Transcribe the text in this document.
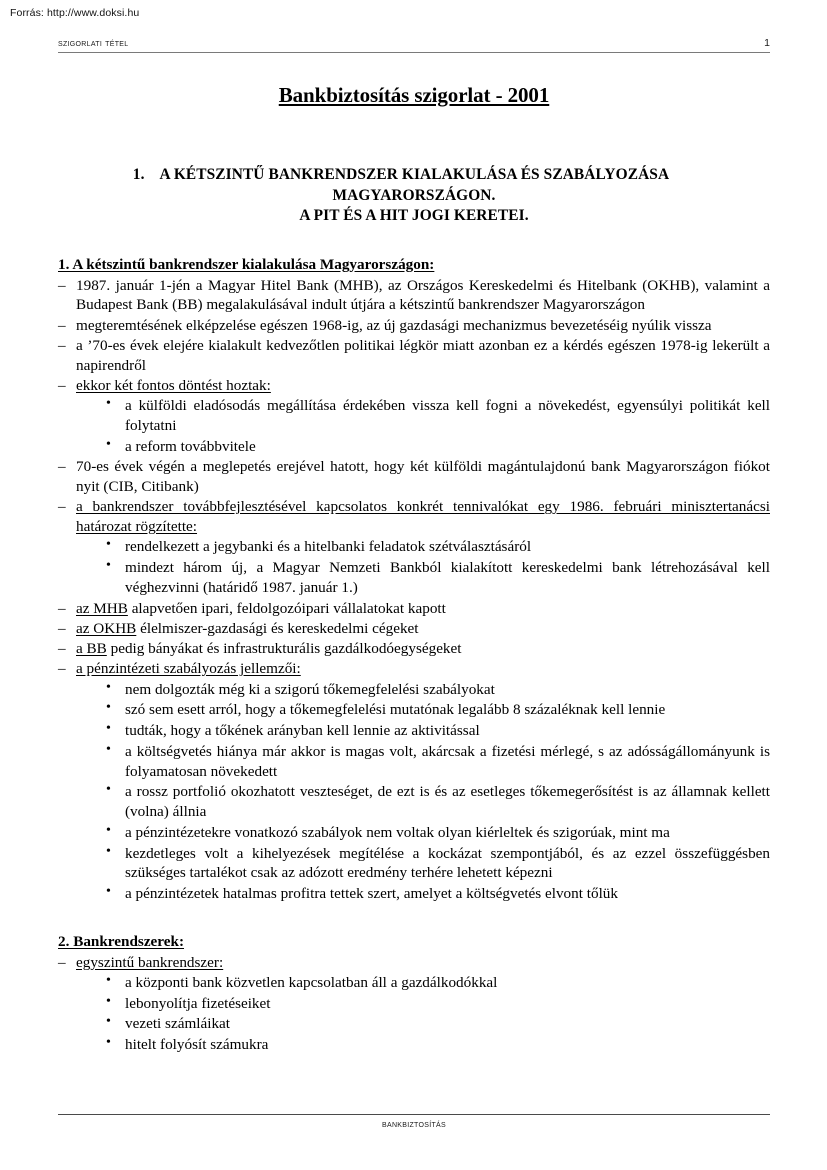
Forrás: http://www.doksi.hu
szigorlati tétel	1
Bankbiztosítás szigorlat - 2001
1. A KÉTSZINTŰ BANKRENDSZER KIALAKULÁSA ÉS SZABÁLYOZÁSA
MAGYARORSZÁGON.
A PIT ÉS A HIT JOGI KERETEI.
1. A kétszintű bankrendszer kialakulása Magyarországon:
– 1987. január 1-jén a Magyar Hitel Bank (MHB), az Országos Kereskedelmi és Hitelbank (OKHB), valamint a Budapest Bank (BB) megalakulásával indult útjára a kétszintű bankrendszer Magyarországon
– megteremtésének elképzelése egészen 1968-ig, az új gazdasági mechanizmus bevezetéséig nyúlik vissza
– a ’70-es évek elejére kialakult kedvezőtlen politikai légkör miatt azonban ez a kérdés egészen 1978-ig lekerült a napirendről
– ekkor két fontos döntést hoztak:
• a külföldi eladósodás megállítása érdekében vissza kell fogni a növekedést, egyensúlyi politikát kell folytatni
• a reform továbbvitele
– 70-es évek végén a meglepetés erejével hatott, hogy két külföldi magántulajdonú bank Magyarországon fiókot nyit (CIB, Citibank)
– a bankrendszer továbbfejlesztésével kapcsolatos konkrét tennivalókat egy 1986. februári minisztertanácsi határozat rögzítette:
• rendelkezett a jegybanki és a hitelbanki feladatok szétválasztásáról
• mindezt három új, a Magyar Nemzeti Bankból kialakított kereskedelmi bank létrehozásával kell véghezvinni (határidő 1987. január 1.)
– az MHB alapvetően ipari, feldolgozóipari vállalatokat kapott
– az OKHB élelmiszer-gazdasági és kereskedelmi cégeket
– a BB pedig bányákat és infrastrukturális gazdálkodóegységeket
– a pénzintézeti szabályozás jellemzői:
• nem dolgozták még ki a szigorú tőkemegfelelési szabályokat
• szó sem esett arról, hogy a tőkemegfelelési mutatónak legalább 8 százaléknak kell lennie
• tudták, hogy a tőkének arányban kell lennie az aktivitással
• a költségvetés hiánya már akkor is magas volt, akárcsak a fizetési mérlegé, s az adósságállományunk is folyamatosan növekedett
• a rossz portfolió okozhatott veszteséget, de ezt is és az esetleges tőkemegerősítést is az államnak kellett (volna) állnia
• a pénzintézetekre vonatkozó szabályok nem voltak olyan kiérleltek és szigorúak, mint ma
• kezdetleges volt a kihelyezések megítélése a kockázat szempontjából, és az ezzel összefüggésben szükséges tartalékot csak az adózott eredmény terhére lehetett képezni
• a pénzintézetek hatalmas profitra tettek szert, amelyet a költségvetés elvont tőlük
2. Bankrendszerek:
– egyszintű bankrendszer:
• a központi bank közvetlen kapcsolatban áll a gazdálkodókkal
• lebonyolítja fizetéseiket
• vezeti számláikat
• hitelt folyósít számukra
bankbiztosítás
